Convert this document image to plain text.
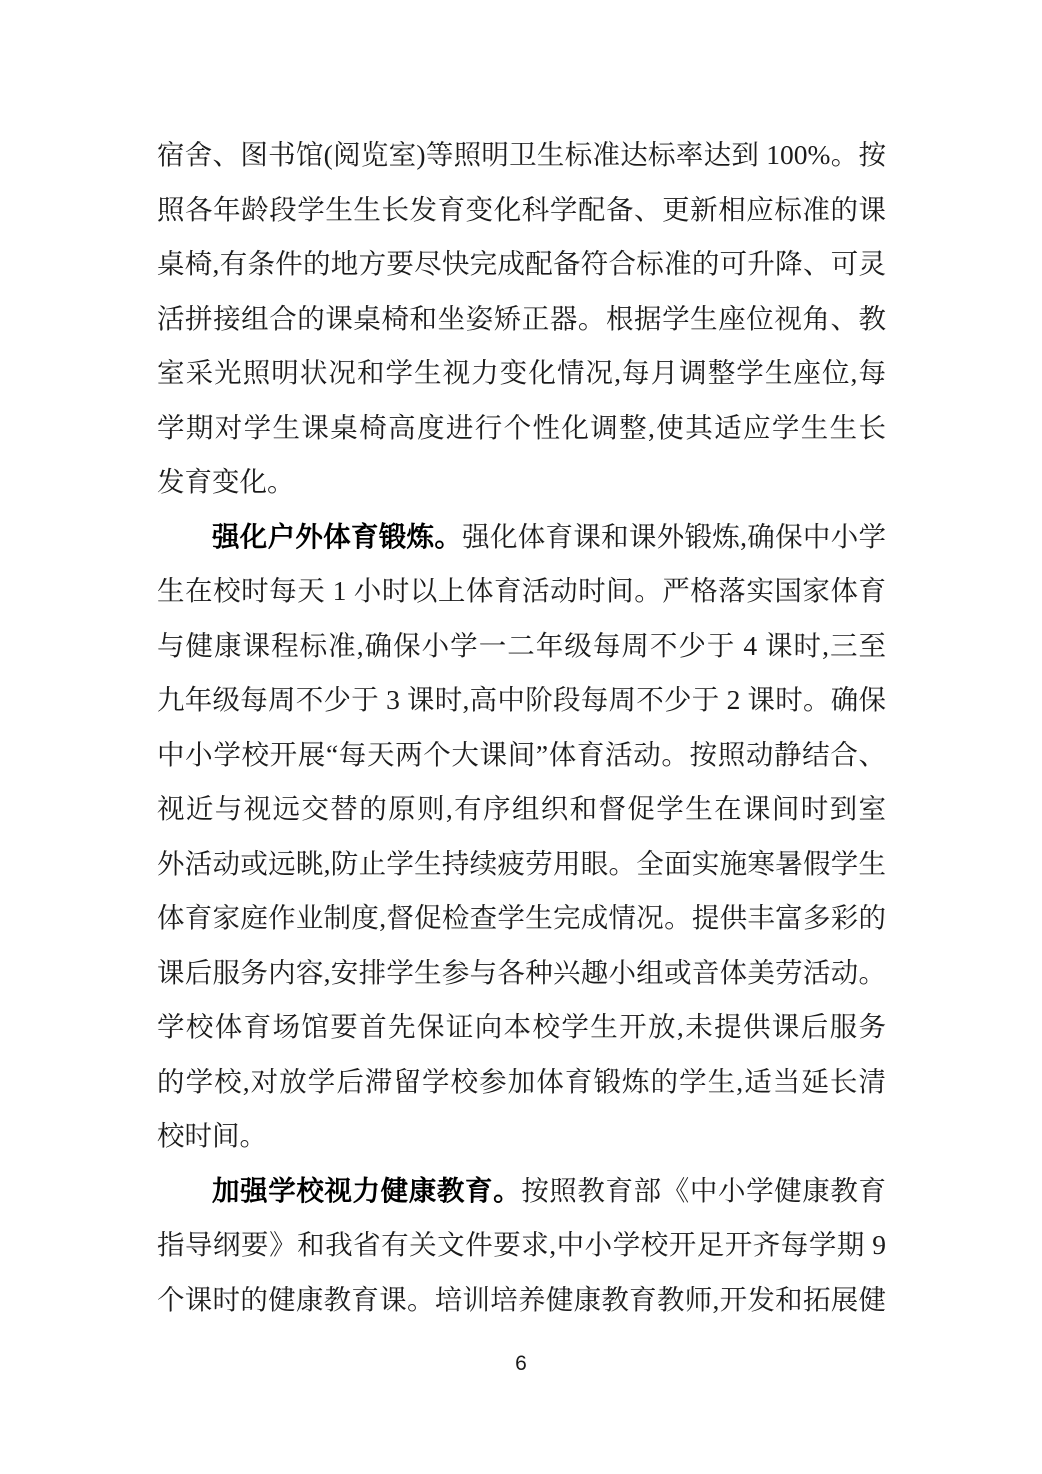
宿舍、图书馆(阅览室)等照明卫生标准达标率达到 100%。按
照各年龄段学生生长发育变化科学配备、更新相应标准的课
桌椅,有条件的地方要尽快完成配备符合标准的可升降、可灵
活拼接组合的课桌椅和坐姿矫正器。根据学生座位视角、教
室采光照明状况和学生视力变化情况,每月调整学生座位,每
学期对学生课桌椅高度进行个性化调整,使其适应学生生长
发育变化。
强化户外体育锻炼。强化体育课和课外锻炼,确保中小学
生在校时每天 1 小时以上体育活动时间。严格落实国家体育
与健康课程标准,确保小学一二年级每周不少于 4 课时,三至
九年级每周不少于 3 课时,高中阶段每周不少于 2 课时。确保
中小学校开展“每天两个大课间”体育活动。按照动静结合、
视近与视远交替的原则,有序组织和督促学生在课间时到室
外活动或远眺,防止学生持续疲劳用眼。全面实施寒暑假学生
体育家庭作业制度,督促检查学生完成情况。提供丰富多彩的
课后服务内容,安排学生参与各种兴趣小组或音体美劳活动。
学校体育场馆要首先保证向本校学生开放,未提供课后服务
的学校,对放学后滞留学校参加体育锻炼的学生,适当延长清
校时间。
加强学校视力健康教育。按照教育部《中小学健康教育
指导纲要》和我省有关文件要求,中小学校开足开齐每学期 9
个课时的健康教育课。培训培养健康教育教师,开发和拓展健
6
